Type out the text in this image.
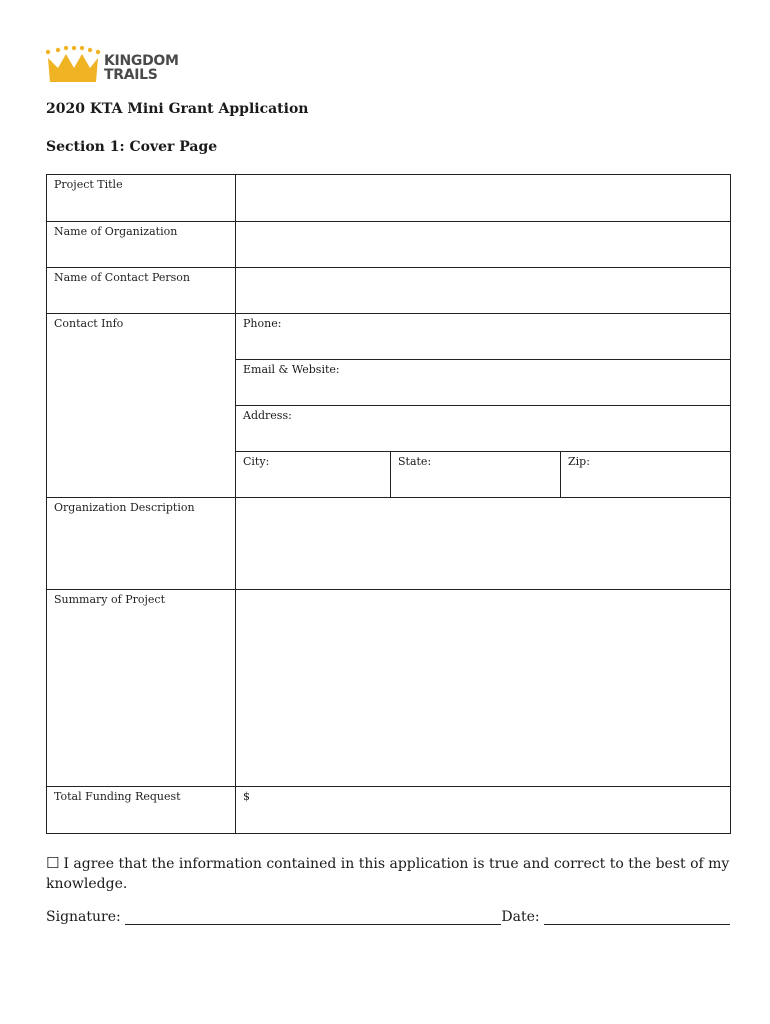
KINGDOM
TRAILS
2020 KTA Mini Grant Application
Section 1: Cover Page
Project Title			
Name of Organization			
Name of Contact Person			
Contact Info	Phone:		
	Email & Website:		
	Address:		
	City:	State:	Zip:
Organization Description			
Summary of Project			
Total Funding Request	$		
☐ I agree that the information contained in this application is true and correct to the best of my knowledge.
Signature:	Date:
